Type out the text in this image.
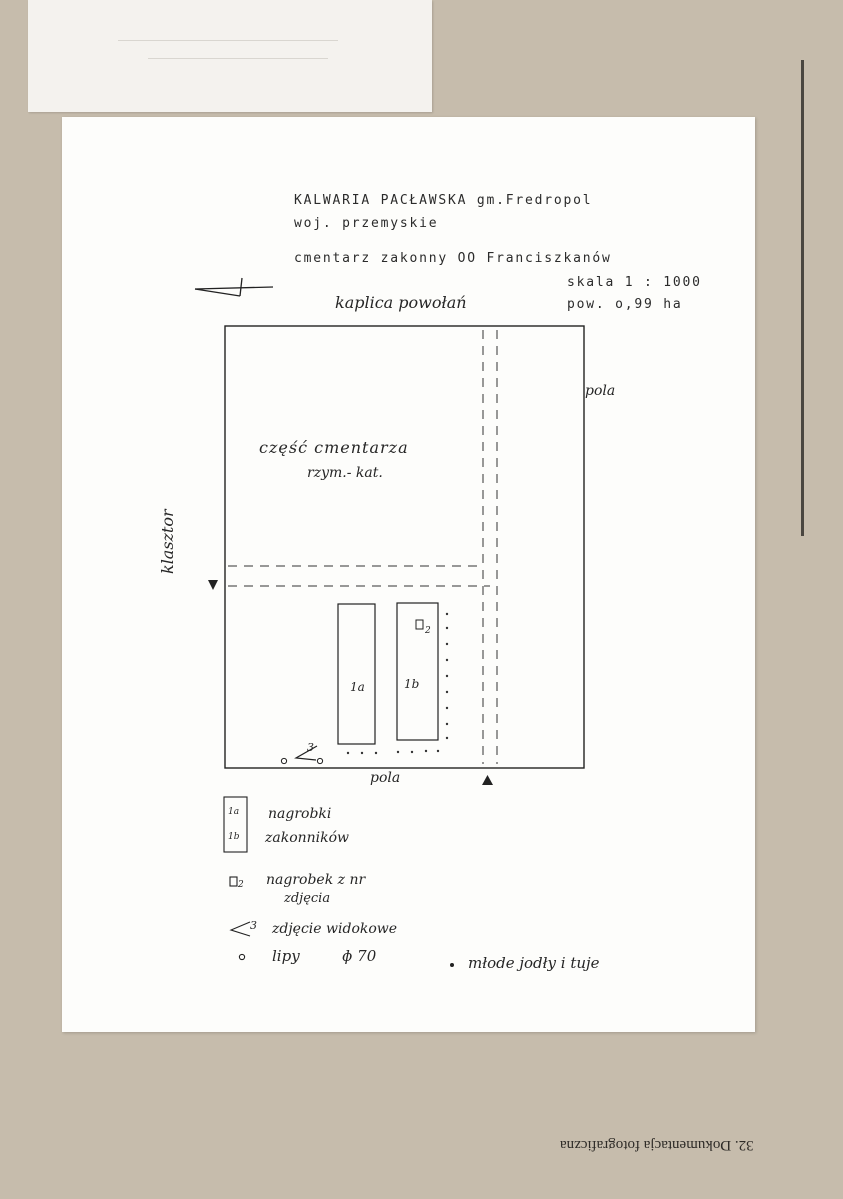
KALWARIA PACŁAWSKA gm.Fredropol
woj. przemyskie
cmentarz zakonny OO Franciszkanów
skala 1 : 1000
pow. o,99 ha
kaplica powołań
pola
pola
klasztor
część cmentarza
rzym.- kat.
1a	1b
2
3
1a
1b
nagrobki
zakonników
2 nagrobek z nr
zdjęcia
3 zdjęcie widokowe
lipy	ɸ 70	młode jodły i tuje
32. Dokumentacja fotograficzna
